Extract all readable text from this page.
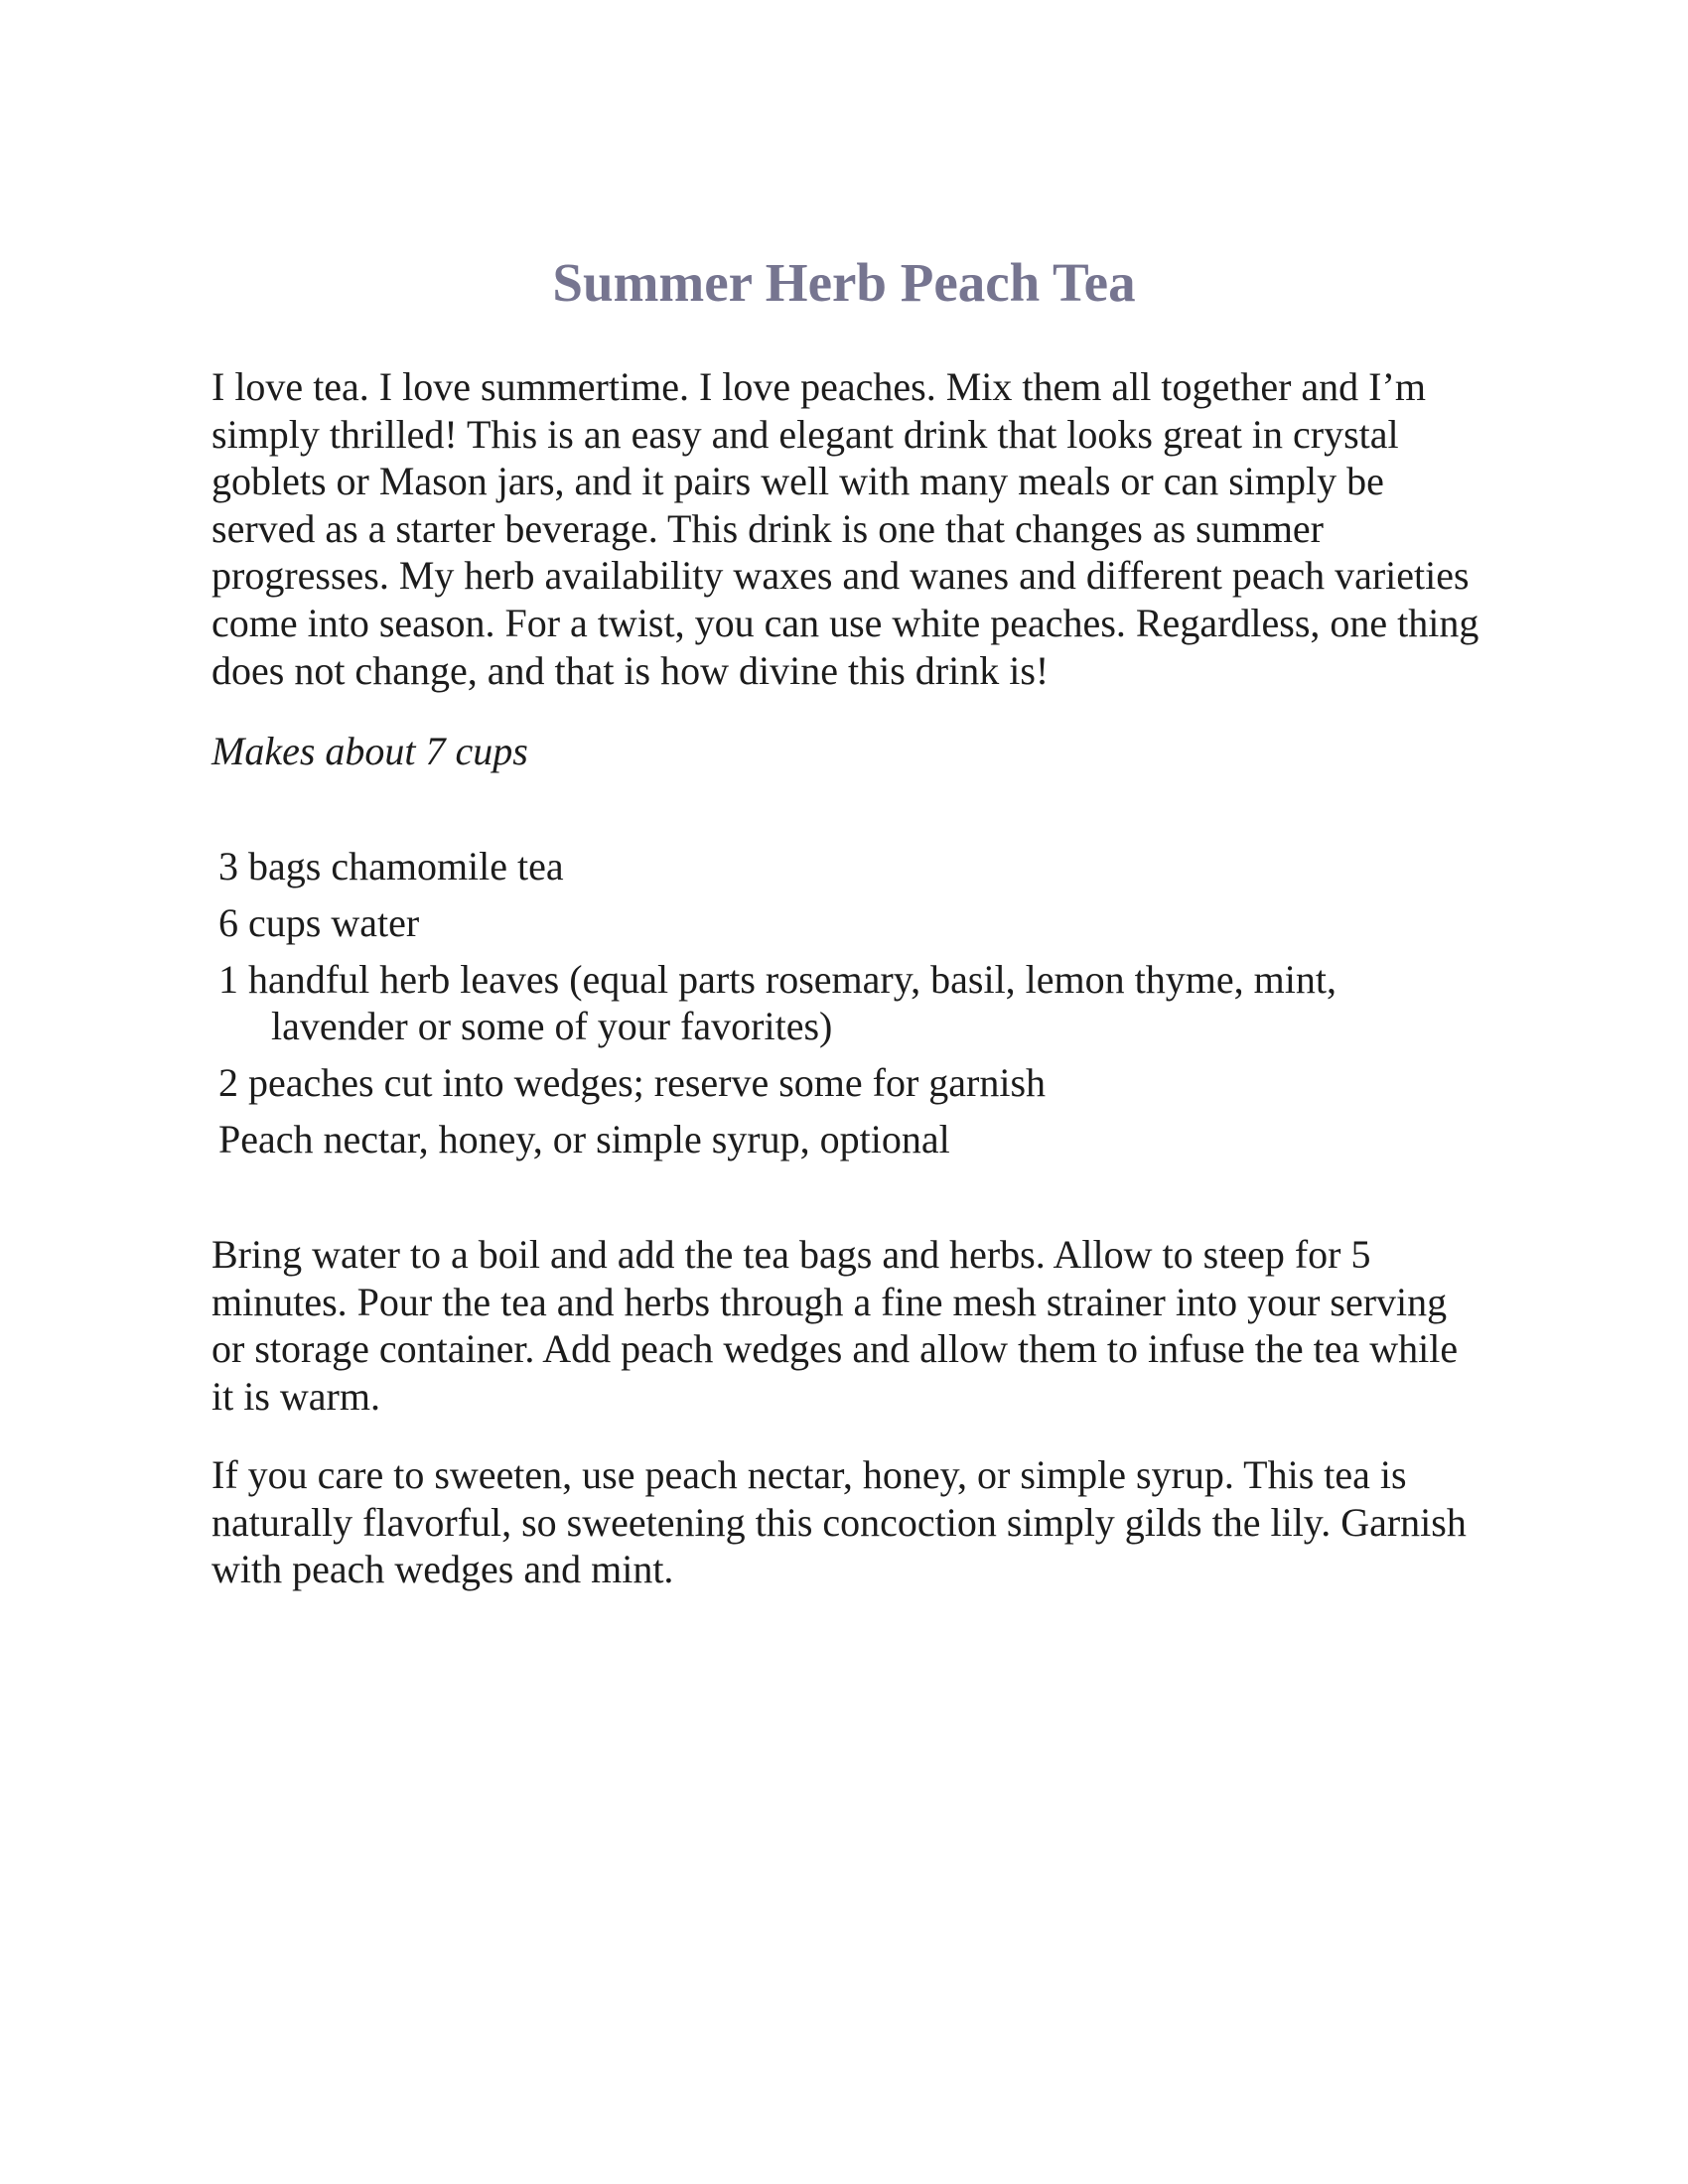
Summer Herb Peach Tea

I love tea. I love summertime. I love peaches. Mix them all together and I’m simply thrilled! This is an easy and elegant drink that looks great in crystal goblets or Mason jars, and it pairs well with many meals or can simply be served as a starter beverage. This drink is one that changes as summer progresses. My herb availability waxes and wanes and different peach varieties come into season. For a twist, you can use white peaches. Regardless, one thing does not change, and that is how divine this drink is!

Makes about 7 cups

3 bags chamomile tea
6 cups water
1 handful herb leaves (equal parts rosemary, basil, lemon thyme, mint, lavender or some of your favorites)
2 peaches cut into wedges; reserve some for garnish
Peach nectar, honey, or simple syrup, optional

Bring water to a boil and add the tea bags and herbs. Allow to steep for 5 minutes. Pour the tea and herbs through a fine mesh strainer into your serving or storage container. Add peach wedges and allow them to infuse the tea while it is warm.

If you care to sweeten, use peach nectar, honey, or simple syrup. This tea is naturally flavorful, so sweetening this concoction simply gilds the lily. Garnish with peach wedges and mint.
